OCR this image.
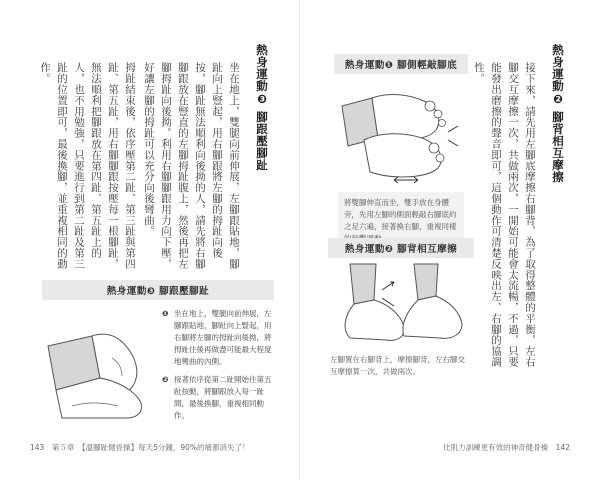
熱身運動❸ 腳跟壓腳趾
坐在地上，雙腿向前伸展，左腳跟貼地，腳趾向上豎起，用右腳跟將左腳的拇趾向後按，腳趾無法順利向後拗的人，請先將右腳腳跟放在豎直的左腳拇趾腹上，然後再把左腳拇趾向後拗。利用右腳腳跟用力向下壓，好讓左腳的拇趾可以充分向後彎曲。
拇趾結束後，依序壓第二趾、第三趾與第四趾、第五趾，用右腳腳跟按壓每一根腳趾，無法順利把腳跟放在第四趾、第五趾上的人，也不用勉強，只要進行到第二趾及第三趾的位置即可，最後換腳，並重複相同的動作。
熱身運動❸ 腳跟壓腳趾
❶ 坐在地上，雙腿向前伸展，左腳跟貼地，腳趾向上豎起，用右腳將左腳的拇趾向後拗，將拇趾往後再做盡可能最大程度地彎曲的內側。
❷ 接著依序從第二趾開始往第五趾按動，將腳跟放入每一趾間，最後換腳，重複相同動作。
143　第５章　【溫腳趾健骨操】每天5分鐘，90%的痛都消失了！
熱身運動❷ 腳背相互摩擦
接下來，請先用左腳底摩擦右腳背，為了取得整體的平衡，左右腳交互摩擦一次，共做兩次，一開始可能會太流暢，不過，只要能發出磨擦的聲音即可，這個動作可清楚反映出左、右腳的協調性。
熱身運動❶ 腳側輕敲腳底
將雙腳伸直而坐，雙手放在身體旁，先用左腳的側面輕敲右腳底約之足六遍，接著換右腳，重複同樣
熱身運動❷ 腳背相互摩擦
左腳置在右腳背上，摩擦腳背，左右腳交互摩擦算一次，共做兩次。
比肌力訓練更有效的神奇健骨操　142
